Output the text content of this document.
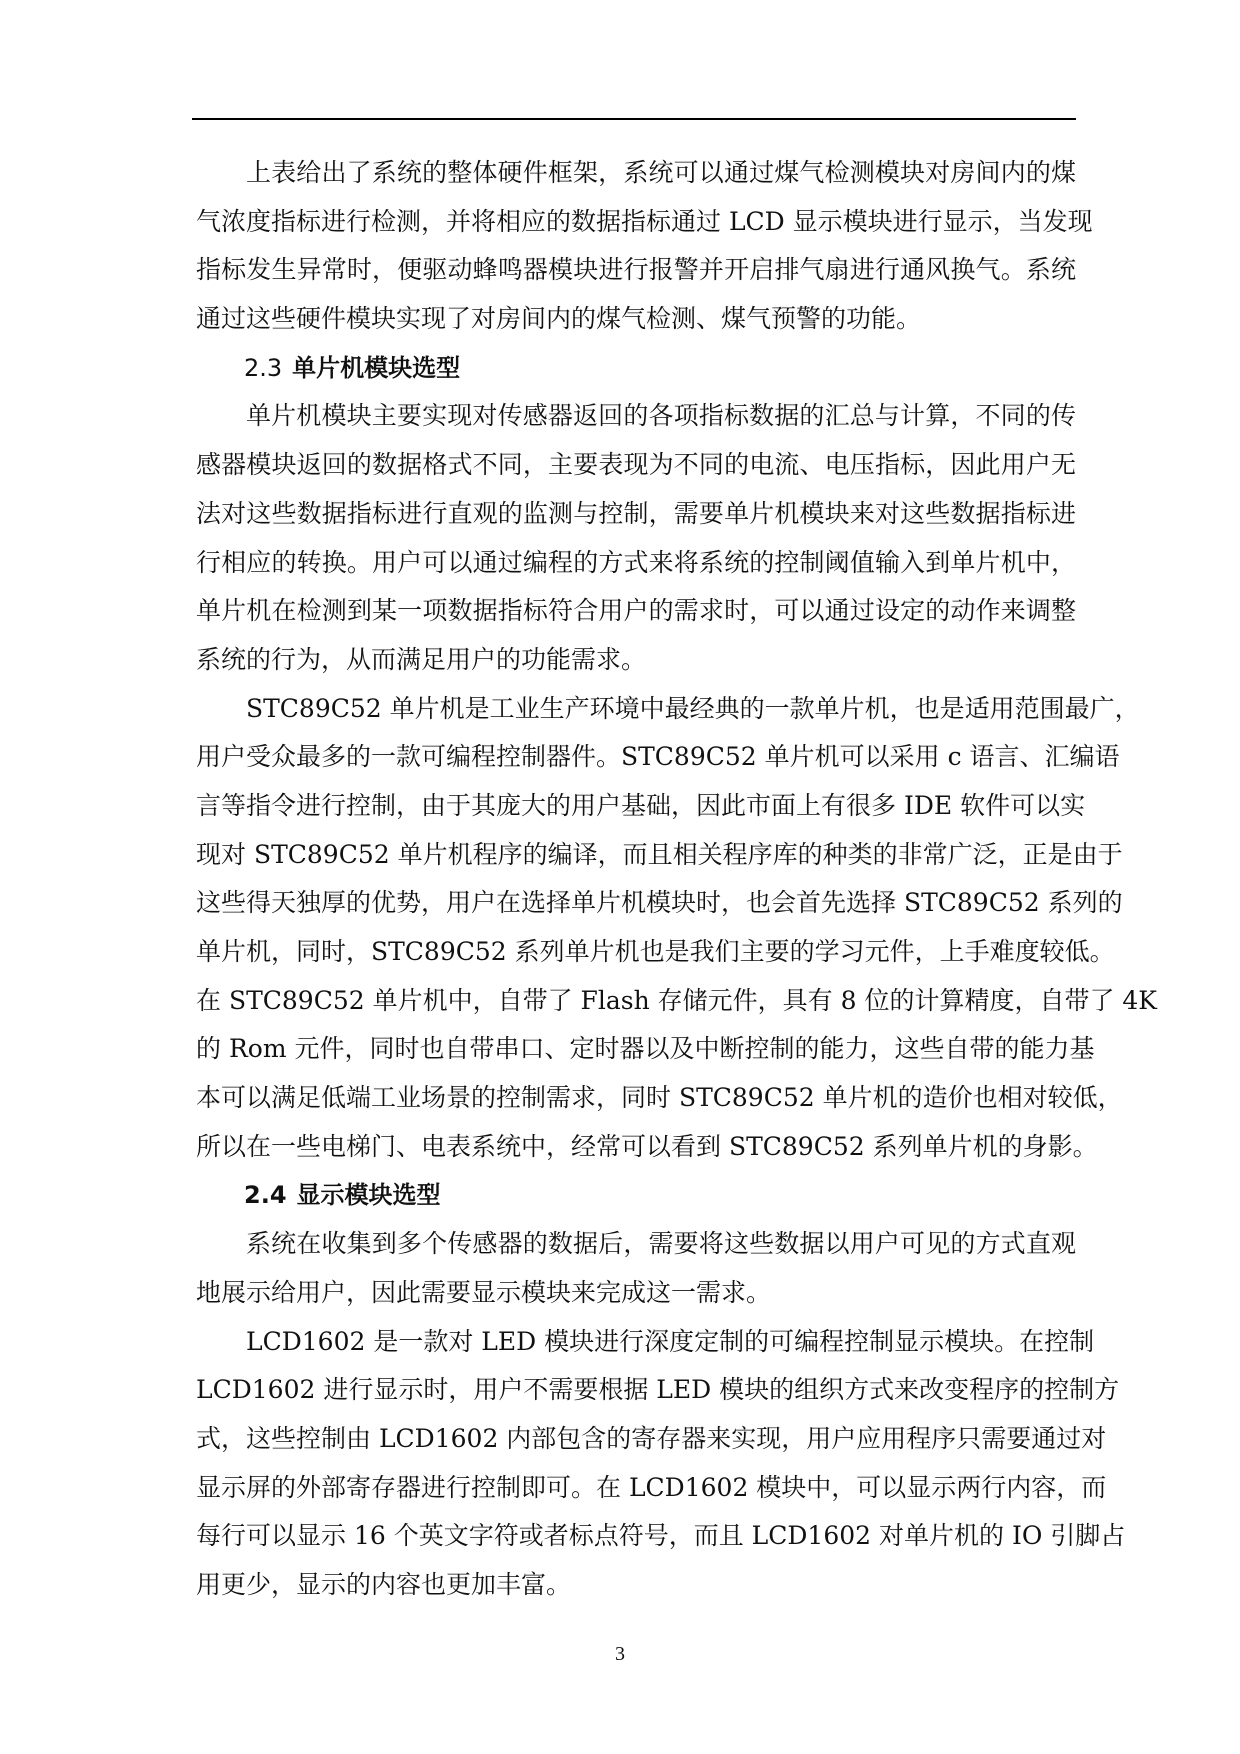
上表给出了系统的整体硬件框架，系统可以通过煤气检测模块对房间内的煤
气浓度指标进行检测，并将相应的数据指标通过 LCD 显示模块进行显示，当发现
指标发生异常时，便驱动蜂鸣器模块进行报警并开启排气扇进行通风换气。系统
通过这些硬件模块实现了对房间内的煤气检测、煤气预警的功能。
2.3 单片机模块选型
单片机模块主要实现对传感器返回的各项指标数据的汇总与计算，不同的传
感器模块返回的数据格式不同，主要表现为不同的电流、电压指标，因此用户无
法对这些数据指标进行直观的监测与控制，需要单片机模块来对这些数据指标进
行相应的转换。用户可以通过编程的方式来将系统的控制阈值输入到单片机中，
单片机在检测到某一项数据指标符合用户的需求时，可以通过设定的动作来调整
系统的行为，从而满足用户的功能需求。
STC89C52 单片机是工业生产环境中最经典的一款单片机，也是适用范围最广，
用户受众最多的一款可编程控制器件。STC89C52 单片机可以采用 c 语言、汇编语
言等指令进行控制，由于其庞大的用户基础，因此市面上有很多 IDE 软件可以实
现对 STC89C52 单片机程序的编译，而且相关程序库的种类的非常广泛，正是由于
这些得天独厚的优势，用户在选择单片机模块时，也会首先选择 STC89C52 系列的
单片机，同时，STC89C52 系列单片机也是我们主要的学习元件，上手难度较低。
在 STC89C52 单片机中，自带了 Flash 存储元件，具有 8 位的计算精度，自带了 4K
的 Rom 元件，同时也自带串口、定时器以及中断控制的能力，这些自带的能力基
本可以满足低端工业场景的控制需求，同时 STC89C52 单片机的造价也相对较低，
所以在一些电梯门、电表系统中，经常可以看到 STC89C52 系列单片机的身影。
2.4 显示模块选型
系统在收集到多个传感器的数据后，需要将这些数据以用户可见的方式直观
地展示给用户，因此需要显示模块来完成这一需求。
LCD1602 是一款对 LED 模块进行深度定制的可编程控制显示模块。在控制
LCD1602 进行显示时，用户不需要根据 LED 模块的组织方式来改变程序的控制方
式，这些控制由 LCD1602 内部包含的寄存器来实现，用户应用程序只需要通过对
显示屏的外部寄存器进行控制即可。在 LCD1602 模块中，可以显示两行内容，而
每行可以显示 16 个英文字符或者标点符号，而且 LCD1602 对单片机的 IO 引脚占
用更少，显示的内容也更加丰富。
3
